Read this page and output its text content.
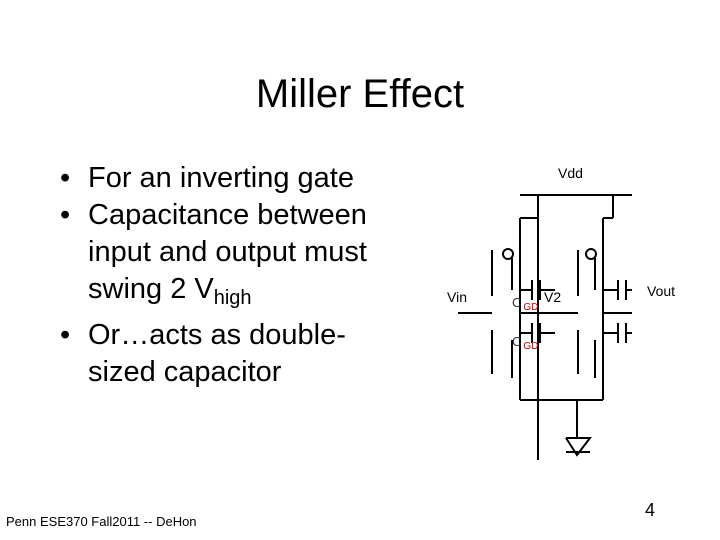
Miller Effect
• For an inverting gate
• Capacitance between
input and output must
swing 2 $V_{high}$
• Or…acts as double-
sized capacitor
Vdd
Vin	V2	Vout
C $_{GD}$
C $_{GD}$
Penn ESE370 Fall2011 -- DeHon
4
